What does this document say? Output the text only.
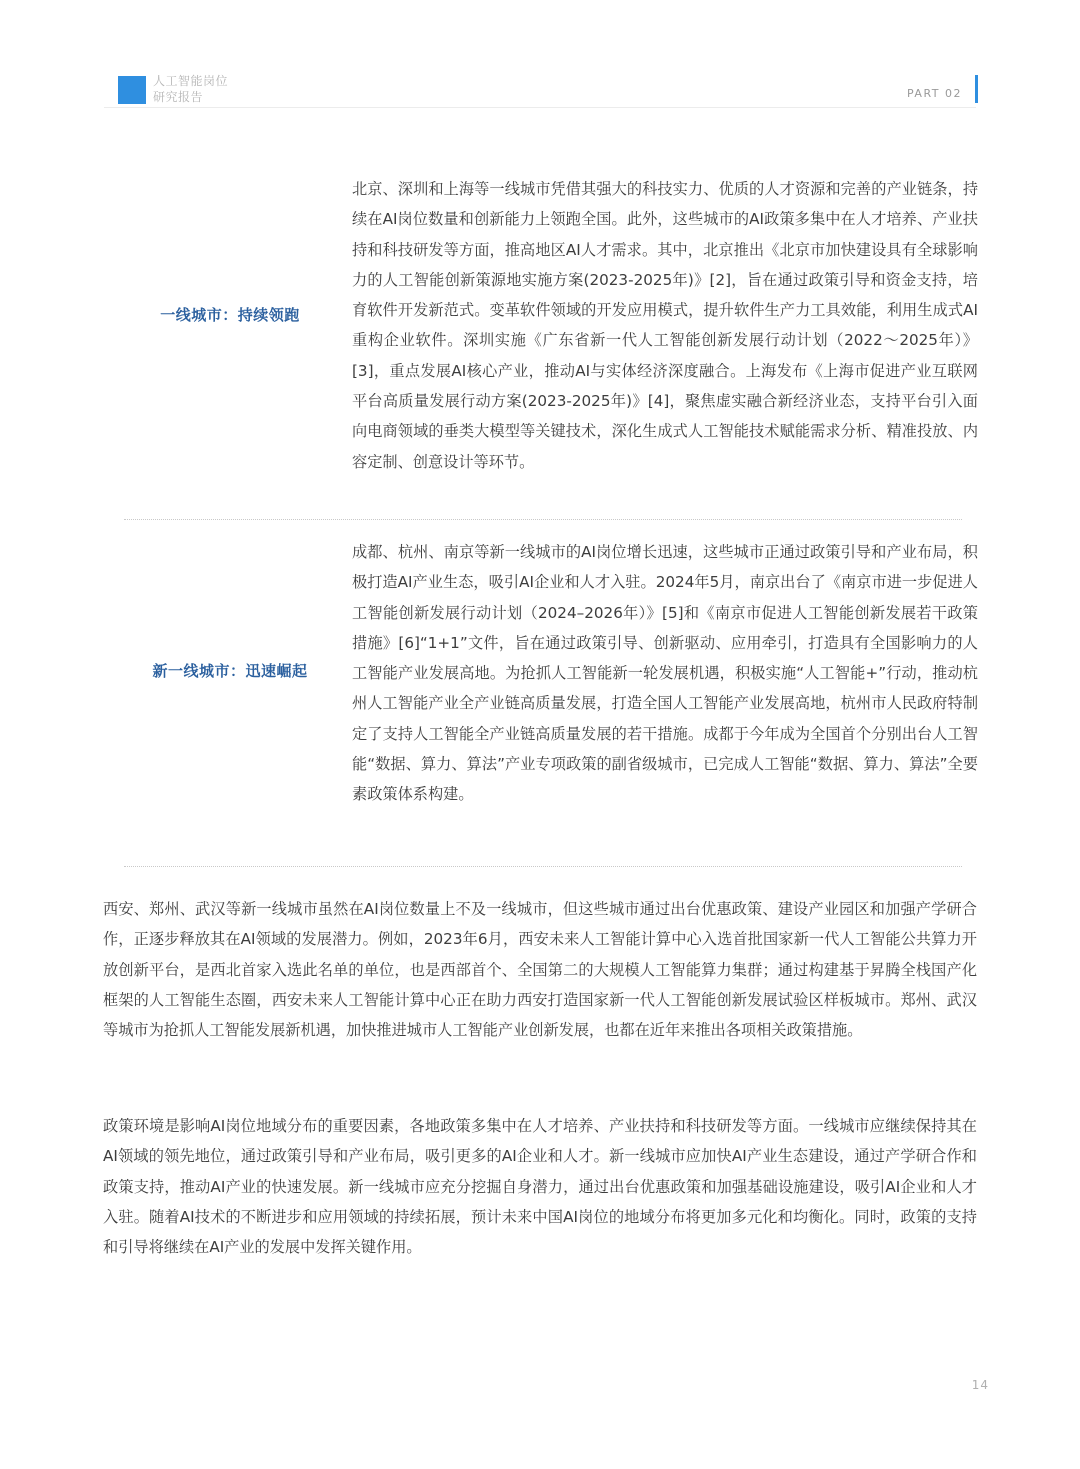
人工智能岗位
研究报告	PART 02
一线城市：持续领跑

北京、深圳和上海等一线城市凭借其强大的科技实力、优质的人才资源和完善的产业链条，持续在AI岗位数量和创新能力上领跑全国。此外，这些城市的AI政策多集中在人才培养、产业扶持和科技研发等方面，推高地区AI人才需求。其中，北京推出《北京市加快建设具有全球影响力的人工智能创新策源地实施方案(2023-2025年)》[2]，旨在通过政策引导和资金支持，培育软件开发新范式。变革软件领域的开发应用模式，提升软件生产力工具效能，利用生成式AI重构企业软件。深圳实施《广东省新一代人工智能创新发展行动计划（2022～2025年）》[3]，重点发展AI核心产业，推动AI与实体经济深度融合。上海发布《上海市促进产业互联网平台高质量发展行动方案(2023-2025年)》[4]，聚焦虚实融合新经济业态，支持平台引入面向电商领域的垂类大模型等关键技术，深化生成式人工智能技术赋能需求分析、精准投放、内容定制、创意设计等环节。

新一线城市：迅速崛起

成都、杭州、南京等新一线城市的AI岗位增长迅速，这些城市正通过政策引导和产业布局，积极打造AI产业生态，吸引AI企业和人才入驻。2024年5月，南京出台了《南京市进一步促进人工智能创新发展行动计划（2024–2026年）》[5]和《南京市促进人工智能创新发展若干政策措施》[6]“1+1”文件，旨在通过政策引导、创新驱动、应用牵引，打造具有全国影响力的人工智能产业发展高地。为抢抓人工智能新一轮发展机遇，积极实施“人工智能+”行动，推动杭州人工智能产业全产业链高质量发展，打造全国人工智能产业发展高地，杭州市人民政府特制定了支持人工智能全产业链高质量发展的若干措施。成都于今年成为全国首个分别出台人工智能“数据、算力、算法”产业专项政策的副省级城市，已完成人工智能“数据、算力、算法”全要素政策体系构建。

西安、郑州、武汉等新一线城市虽然在AI岗位数量上不及一线城市，但这些城市通过出台优惠政策、建设产业园区和加强产学研合作，正逐步释放其在AI领域的发展潜力。例如，2023年6月，西安未来人工智能计算中心入选首批国家新一代人工智能公共算力开放创新平台，是西北首家入选此名单的单位，也是西部首个、全国第二的大规模人工智能算力集群；通过构建基于昇腾全栈国产化框架的人工智能生态圈，西安未来人工智能计算中心正在助力西安打造国家新一代人工智能创新发展试验区样板城市。郑州、武汉等城市为抢抓人工智能发展新机遇，加快推进城市人工智能产业创新发展，也都在近年来推出各项相关政策措施。

政策环境是影响AI岗位地域分布的重要因素，各地政策多集中在人才培养、产业扶持和科技研发等方面。一线城市应继续保持其在AI领域的领先地位，通过政策引导和产业布局，吸引更多的AI企业和人才。新一线城市应加快AI产业生态建设，通过产学研合作和政策支持，推动AI产业的快速发展。新一线城市应充分挖掘自身潜力，通过出台优惠政策和加强基础设施建设，吸引AI企业和人才入驻。随着AI技术的不断进步和应用领域的持续拓展，预计未来中国AI岗位的地域分布将更加多元化和均衡化。同时，政策的支持和引导将继续在AI产业的发展中发挥关键作用。

14
